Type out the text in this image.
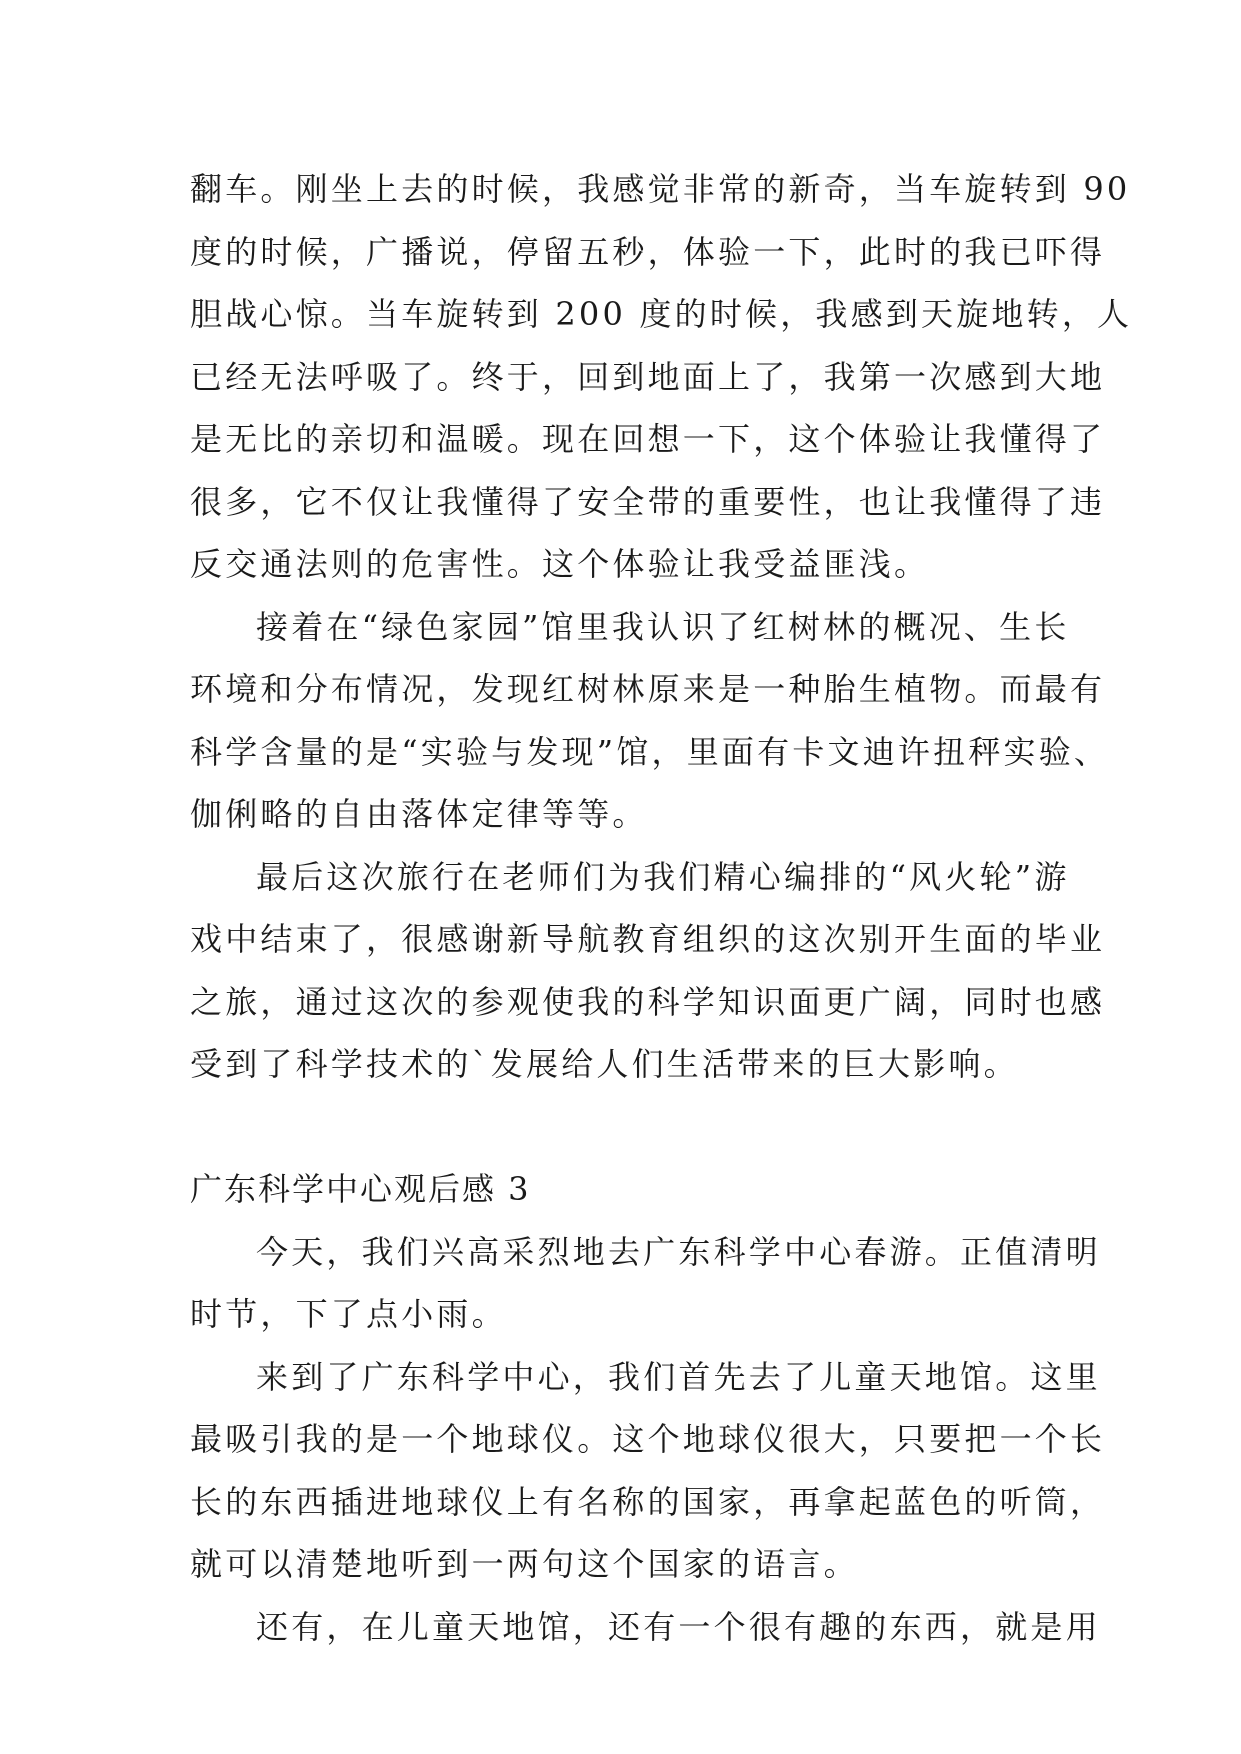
翻车。刚坐上去的时候，我感觉非常的新奇，当车旋转到 90
度的时候，广播说，停留五秒，体验一下，此时的我已吓得
胆战心惊。当车旋转到 200 度的时候，我感到天旋地转，人
已经无法呼吸了。终于，回到地面上了，我第一次感到大地
是无比的亲切和温暖。现在回想一下，这个体验让我懂得了
很多，它不仅让我懂得了安全带的重要性，也让我懂得了违
反交通法则的危害性。这个体验让我受益匪浅。
接着在“绿色家园”馆里我认识了红树林的概况、生长
环境和分布情况，发现红树林原来是一种胎生植物。而最有
科学含量的是“实验与发现”馆，里面有卡文迪许扭秤实验、
伽俐略的自由落体定律等等。
最后这次旅行在老师们为我们精心编排的“风火轮”游
戏中结束了，很感谢新导航教育组织的这次别开生面的毕业
之旅，通过这次的参观使我的科学知识面更广阔，同时也感
受到了科学技术的`发展给人们生活带来的巨大影响。
广东科学中心观后感 3
今天，我们兴高采烈地去广东科学中心春游。正值清明
时节，下了点小雨。
来到了广东科学中心，我们首先去了儿童天地馆。这里
最吸引我的是一个地球仪。这个地球仪很大，只要把一个长
长的东西插进地球仪上有名称的国家，再拿起蓝色的听筒，
就可以清楚地听到一两句这个国家的语言。
还有，在儿童天地馆，还有一个很有趣的东西，就是用
